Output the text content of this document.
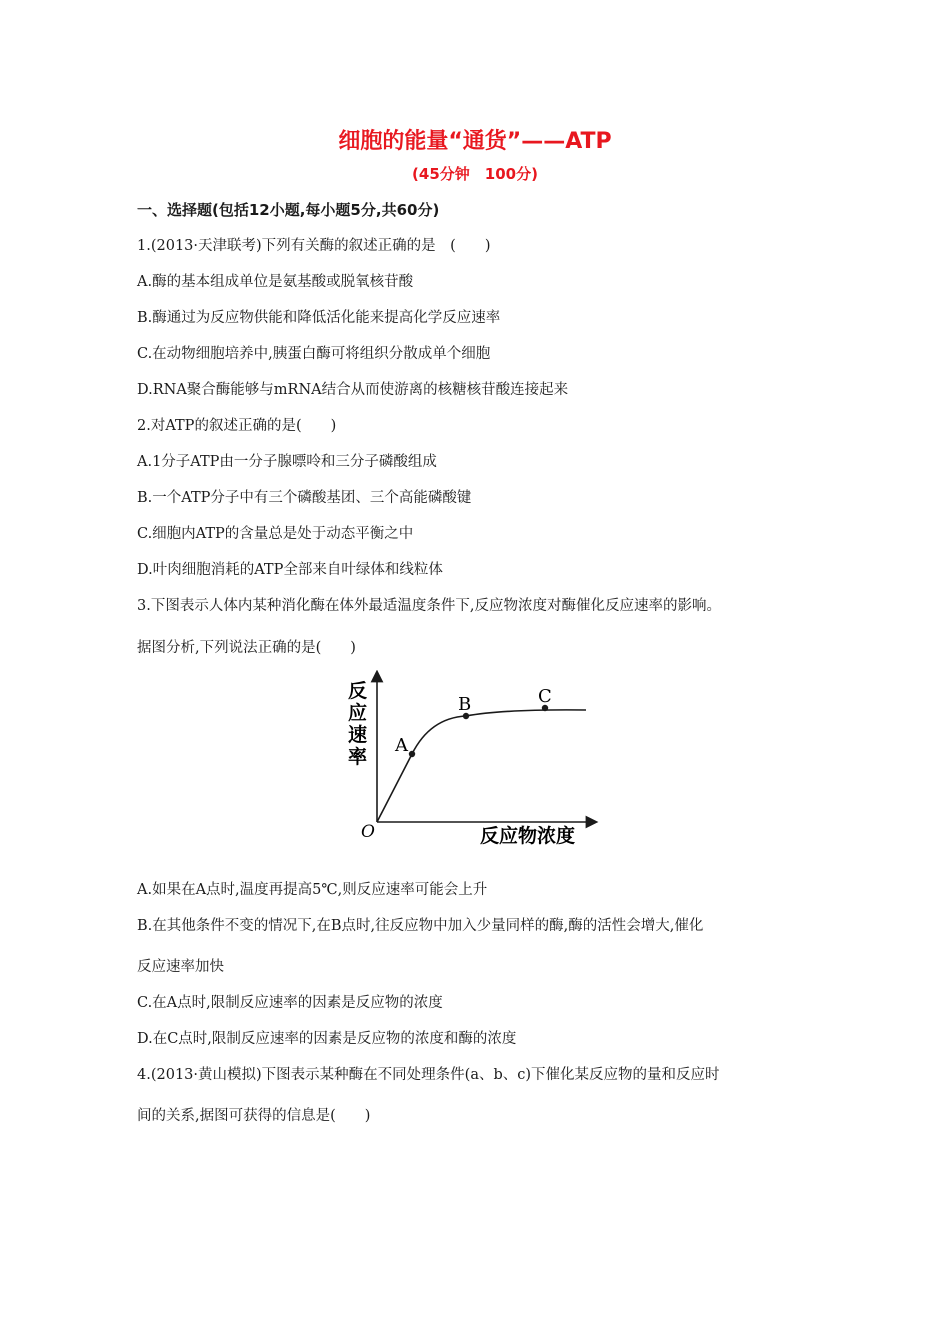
细胞的能量“通货”——ATP
(45分钟　100分)
一、选择题(包括12小题,每小题5分,共60分)
1.(2013·天津联考)下列有关酶的叙述正确的是　(　　)
A.酶的基本组成单位是氨基酸或脱氧核苷酸
B.酶通过为反应物供能和降低活化能来提高化学反应速率
C.在动物细胞培养中,胰蛋白酶可将组织分散成单个细胞
D.RNA聚合酶能够与mRNA结合从而使游离的核糖核苷酸连接起来
2.对ATP的叙述正确的是(　　)
A.1分子ATP由一分子腺嘌呤和三分子磷酸组成
B.一个ATP分子中有三个磷酸基团、三个高能磷酸键
C.细胞内ATP的含量总是处于动态平衡之中
D.叶肉细胞消耗的ATP全部来自叶绿体和线粒体
3.下图表示人体内某种消化酶在体外最适温度条件下,反应物浓度对酶催化反应速率的影响。
据图分析,下列说法正确的是(　　)
A
B	C
反
应
速
率
O	反应物浓度
A.如果在A点时,温度再提高5℃,则反应速率可能会上升
B.在其他条件不变的情况下,在B点时,往反应物中加入少量同样的酶,酶的活性会增大,催化
反应速率加快
C.在A点时,限制反应速率的因素是反应物的浓度
D.在C点时,限制反应速率的因素是反应物的浓度和酶的浓度
4.(2013·黄山模拟)下图表示某种酶在不同处理条件(a、b、c)下催化某反应物的量和反应时
间的关系,据图可获得的信息是(　　)
